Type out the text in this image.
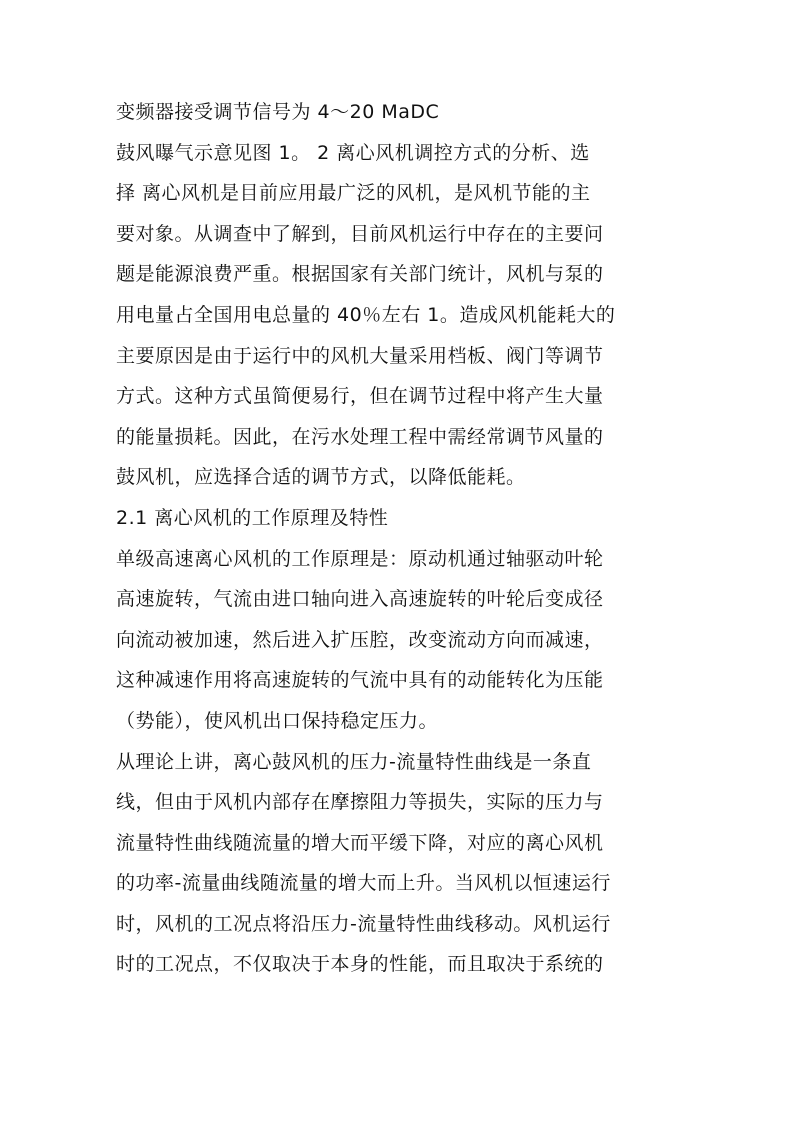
变频器接受调节信号为 4～20 MaDC
鼓风曝气示意见图 1。 2 离心风机调控方式的分析、选
择 离心风机是目前应用最广泛的风机，是风机节能的主
要对象。从调查中了解到，目前风机运行中存在的主要问
题是能源浪费严重。根据国家有关部门统计，风机与泵的
用电量占全国用电总量的 40％左右 1。造成风机能耗大的
主要原因是由于运行中的风机大量采用档板、阀门等调节
方式。这种方式虽简便易行，但在调节过程中将产生大量
的能量损耗。因此，在污水处理工程中需经常调节风量的
鼓风机，应选择合适的调节方式，以降低能耗。
2.1 离心风机的工作原理及特性
单级高速离心风机的工作原理是：原动机通过轴驱动叶轮
高速旋转，气流由进口轴向进入高速旋转的叶轮后变成径
向流动被加速，然后进入扩压腔，改变流动方向而减速，
这种减速作用将高速旋转的气流中具有的动能转化为压能
（势能），使风机出口保持稳定压力。
从理论上讲，离心鼓风机的压力-流量特性曲线是一条直
线，但由于风机内部存在摩擦阻力等损失，实际的压力与
流量特性曲线随流量的增大而平缓下降，对应的离心风机
的功率-流量曲线随流量的增大而上升。当风机以恒速运行
时，风机的工况点将沿压力-流量特性曲线移动。风机运行
时的工况点，不仅取决于本身的性能，而且取决于系统的
